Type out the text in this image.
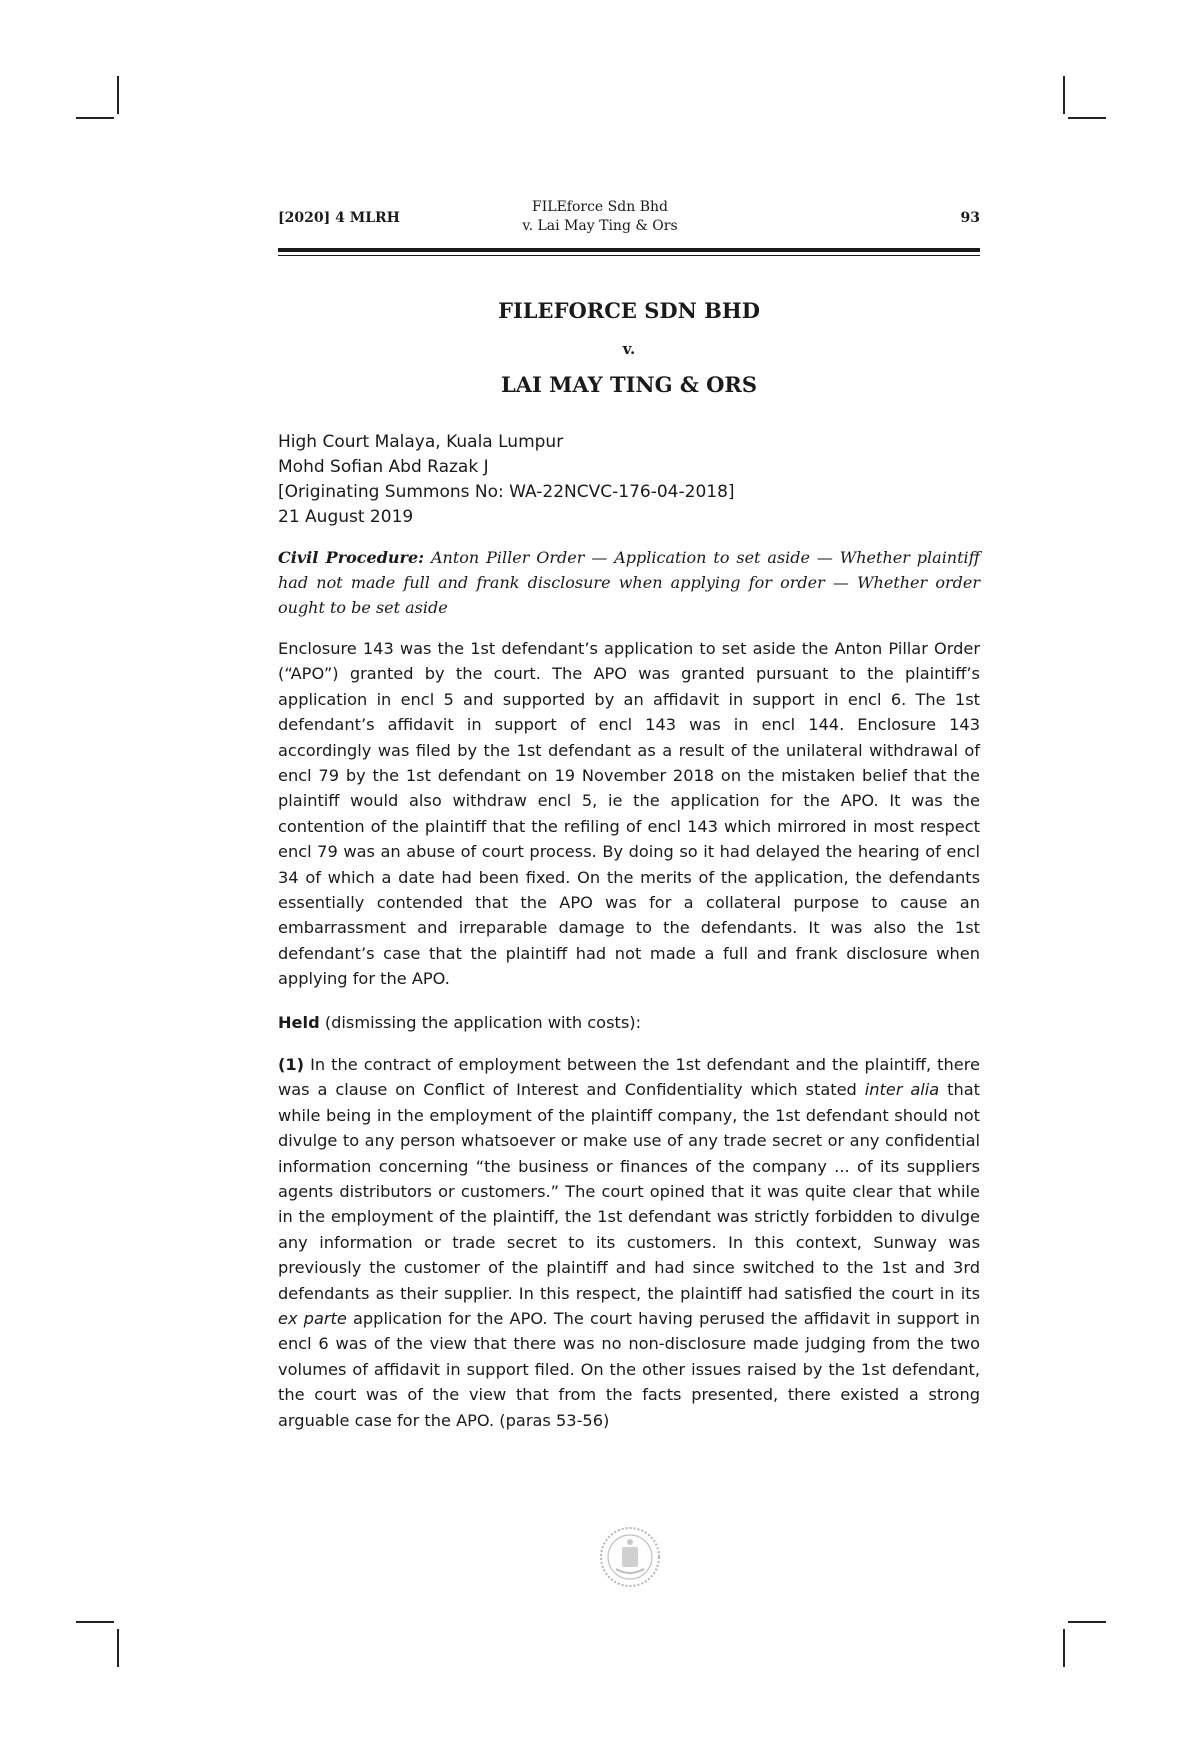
[2020] 4 MLRH
FILEforce Sdn Bhd
v. Lai May Ting & Ors	93
FILEFORCE SDN BHD
v.
LAI MAY TING & ORS
High Court Malaya, Kuala Lumpur
Mohd Sofian Abd Razak J
[Originating Summons No: WA-22NCVC-176-04-2018]
21 August 2019
Civil Procedure: Anton Piller Order — Application to set aside — Whether plaintiff had not made full and frank disclosure when applying for order — Whether order ought to be set aside
Enclosure 143 was the 1st defendant’s application to set aside the Anton Pillar Order (“APO”) granted by the court. The APO was granted pursuant to the plaintiff’s application in encl 5 and supported by an affidavit in support in encl 6. The 1st defendant’s affidavit in support of encl 143 was in encl 144. Enclosure 143 accordingly was filed by the 1st defendant as a result of the unilateral withdrawal of encl 79 by the 1st defendant on 19 November 2018 on the mistaken belief that the plaintiff would also withdraw encl 5, ie the application for the APO. It was the contention of the plaintiff that the refiling of encl 143 which mirrored in most respect encl 79 was an abuse of court process. By doing so it had delayed the hearing of encl 34 of which a date had been fixed. On the merits of the application, the defendants essentially contended that the APO was for a collateral purpose to cause an embarrassment and irreparable damage to the defendants. It was also the 1st defendant’s case that the plaintiff had not made a full and frank disclosure when applying for the APO.
Held (dismissing the application with costs):
(1) In the contract of employment between the 1st defendant and the plaintiff, there was a clause on Conflict of Interest and Confidentiality which stated inter alia that while being in the employment of the plaintiff company, the 1st defendant should not divulge to any person whatsoever or make use of any trade secret or any confidential information concerning “the business or finances of the company ... of its suppliers agents distributors or customers.” The court opined that it was quite clear that while in the employment of the plaintiff, the 1st defendant was strictly forbidden to divulge any information or trade secret to its customers. In this context, Sunway was previously the customer of the plaintiff and had since switched to the 1st and 3rd defendants as their supplier. In this respect, the plaintiff had satisfied the court in its ex parte application for the APO. The court having perused the affidavit in support in encl 6 was of the view that there was no non-disclosure made judging from the two volumes of affidavit in support filed. On the other issues raised by the 1st defendant, the court was of the view that from the facts presented, there existed a strong arguable case for the APO. (paras 53-56)
